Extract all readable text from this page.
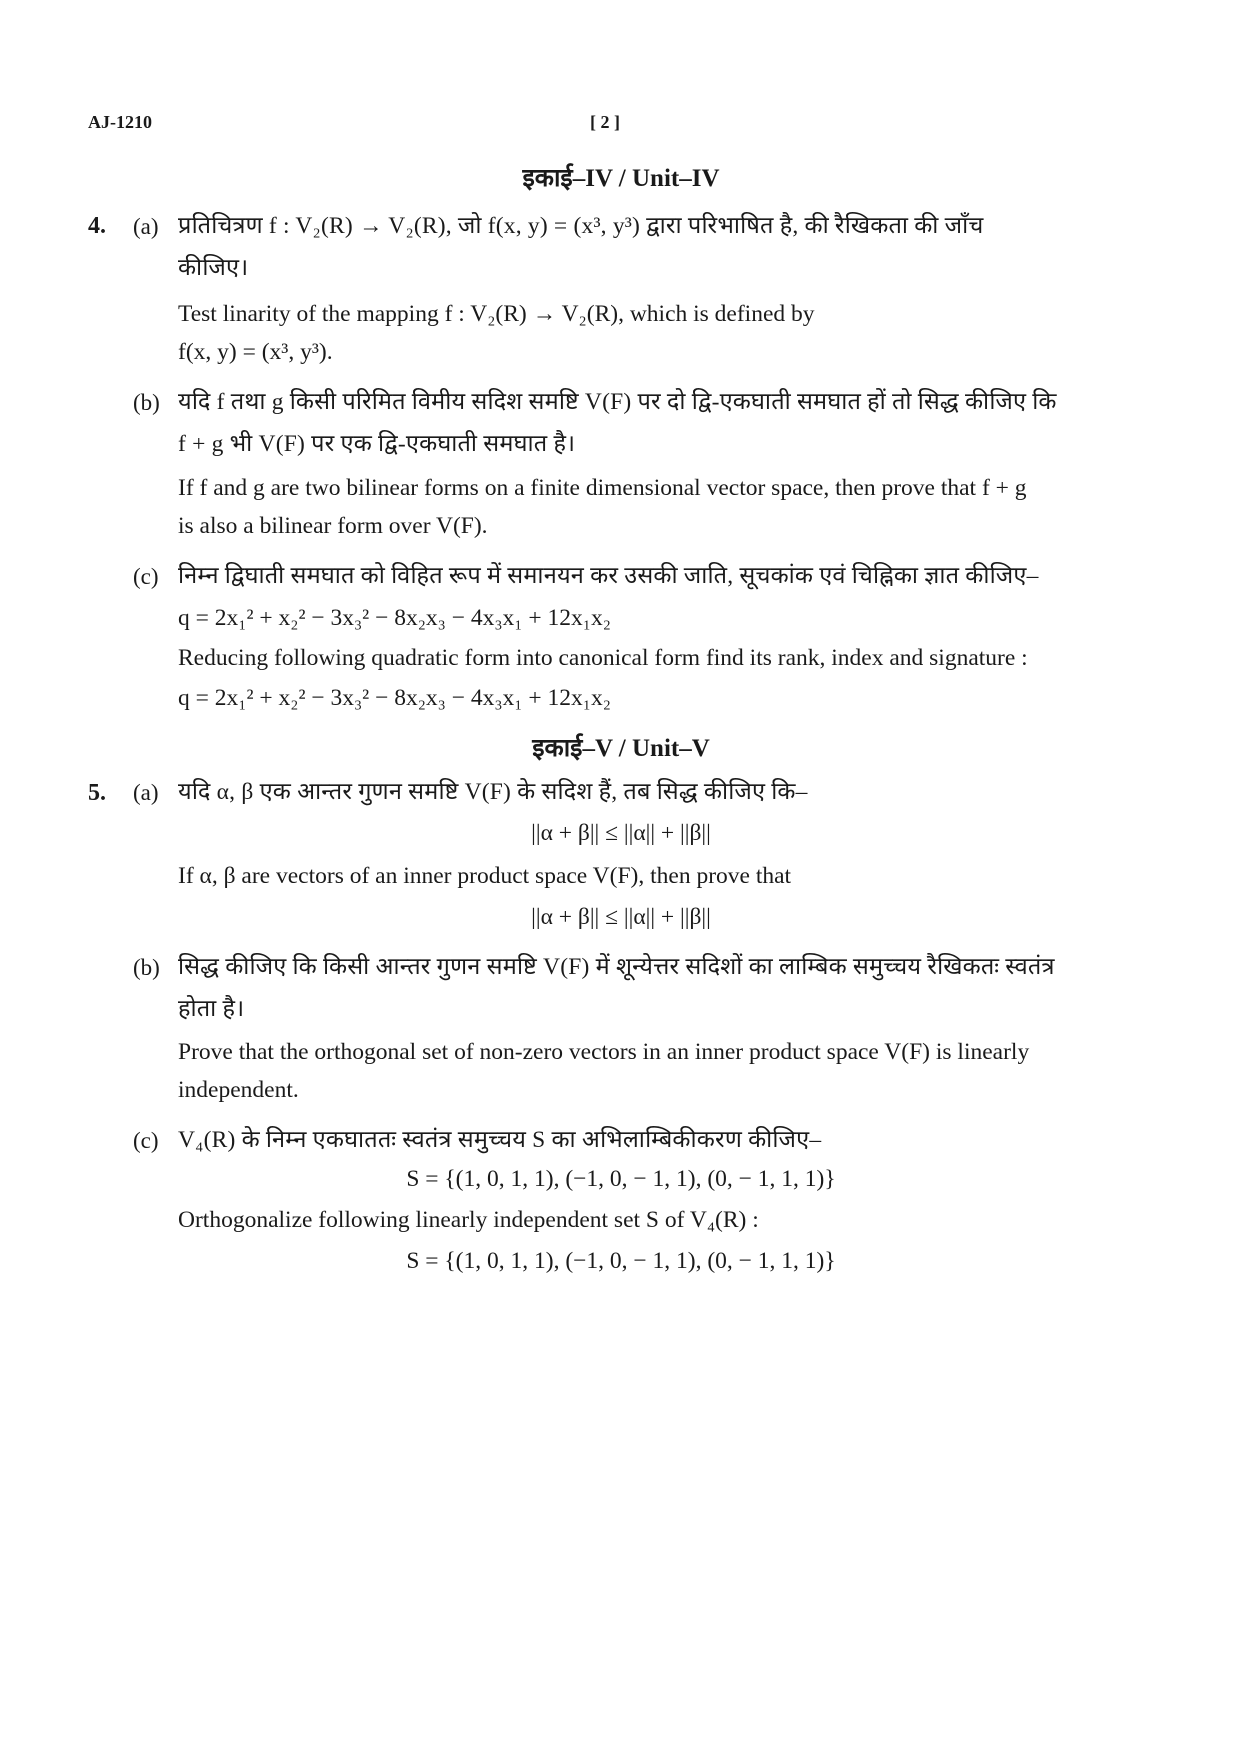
AJ-1210	[ 2 ]
इकाई–IV / Unit–IV
4. (a) प्रतिचित्रण f : V₂(R) → V₂(R), जो f(x, y) = (x³, y³) द्वारा परिभाषित है, की रैखिकता की जाँच
कीजिए।
Test linarity of the mapping f : V₂(R) → V₂(R), which is defined by
f(x, y) = (x³, y³).
(b) यदि f तथा g किसी परिमित विमीय सदिश समष्टि V(F) पर दो द्वि-एकघाती समघात हों तो सिद्ध कीजिए कि
f + g भी V(F) पर एक द्वि-एकघाती समघात है।
If f and g are two bilinear forms on a finite dimensional vector space, then prove that f + g
is also a bilinear form over V(F).
(c) निम्न द्विघाती समघात को विहित रूप में समानयन कर उसकी जाति, सूचकांक एवं चिह्निका ज्ञात कीजिए–
q = 2x₁² + x₂² − 3x₃² − 8x₂x₃ − 4x₃x₁ + 12x₁x₂
Reducing following quadratic form into canonical form find its rank, index and signature :
q = 2x₁² + x₂² − 3x₃² − 8x₂x₃ − 4x₃x₁ + 12x₁x₂
इकाई–V / Unit–V
5. (a) यदि α, β एक आन्तर गुणन समष्टि V(F) के सदिश हैं, तब सिद्ध कीजिए कि–
||α + β|| ≤ ||α|| + ||β||
If α, β are vectors of an inner product space V(F), then prove that
||α + β|| ≤ ||α|| + ||β||
(b) सिद्ध कीजिए कि किसी आन्तर गुणन समष्टि V(F) में शून्येत्तर सदिशों का लाम्बिक समुच्चय रैखिकतः स्वतंत्र
होता है।
Prove that the orthogonal set of non-zero vectors in an inner product space V(F) is linearly
independent.
(c) V₄(R) के निम्न एकघाततः स्वतंत्र समुच्चय S का अभिलाम्बिकीकरण कीजिए–
S = {(1, 0, 1, 1), (−1, 0, − 1, 1), (0, − 1, 1, 1)}
Orthogonalize following linearly independent set S of V₄(R) :
S = {(1, 0, 1, 1), (−1, 0, − 1, 1), (0, − 1, 1, 1)}
